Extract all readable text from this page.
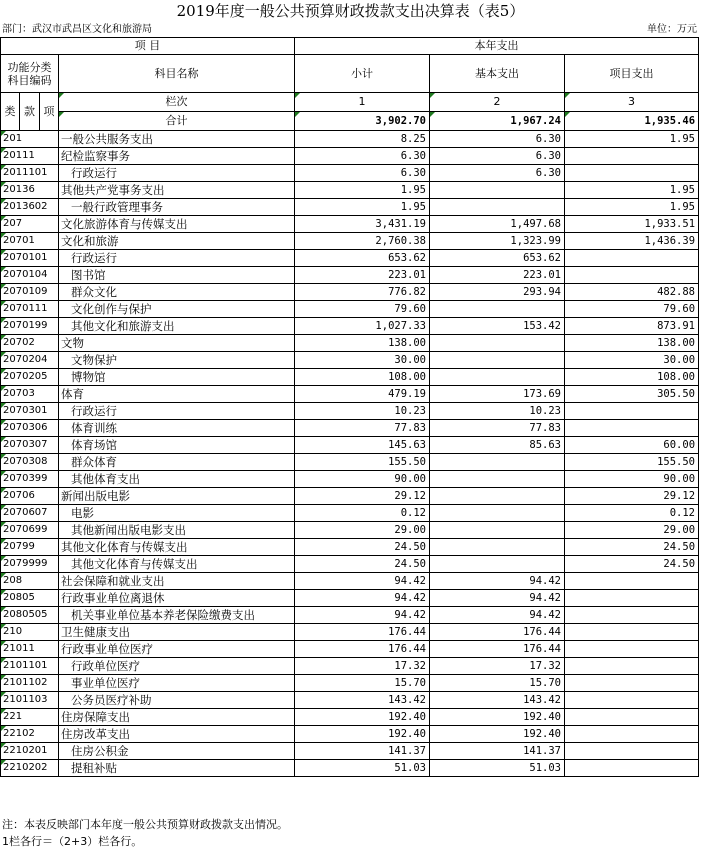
2019年度一般公共预算财政拨款支出决算表（表5）
部门：武汉市武昌区文化和旅游局	单位：万元
项 目				本年支出		
功能分类
科目编码			科目名称	小计	基本支出	项目支出
类	款	项				
			栏次	1	2	3
			合计	3,902.70	1,967.24	1,935.46
201			一般公共服务支出	8.25	6.30	1.95
20111			纪检监察事务	6.30	6.30	
2011101			行政运行	6.30	6.30	
20136			其他共产党事务支出	1.95		1.95
2013602			一般行政管理事务	1.95		1.95
207			文化旅游体育与传媒支出	3,431.19	1,497.68	1,933.51
20701			文化和旅游	2,760.38	1,323.99	1,436.39
2070101			行政运行	653.62	653.62	
2070104			图书馆	223.01	223.01	
2070109			群众文化	776.82	293.94	482.88
2070111			文化创作与保护	79.60		79.60
2070199			其他文化和旅游支出	1,027.33	153.42	873.91
20702			文物	138.00		138.00
2070204			文物保护	30.00		30.00
2070205			博物馆	108.00		108.00
20703			体育	479.19	173.69	305.50
2070301			行政运行	10.23	10.23	
2070306			体育训练	77.83	77.83	
2070307			体育场馆	145.63	85.63	60.00
2070308			群众体育	155.50		155.50
2070399			其他体育支出	90.00		90.00
20706			新闻出版电影	29.12		29.12
2070607			电影	0.12		0.12
2070699			其他新闻出版电影支出	29.00		29.00
20799			其他文化体育与传媒支出	24.50		24.50
2079999			其他文化体育与传媒支出	24.50		24.50
208			社会保障和就业支出	94.42	94.42	
20805			行政事业单位离退休	94.42	94.42	
2080505			机关事业单位基本养老保险缴费支出	94.42	94.42	
210			卫生健康支出	176.44	176.44	
21011			行政事业单位医疗	176.44	176.44	
2101101			行政单位医疗	17.32	17.32	
2101102			事业单位医疗	15.70	15.70	
2101103			公务员医疗补助	143.42	143.42	
221			住房保障支出	192.40	192.40	
22102			住房改革支出	192.40	192.40	
2210201			住房公积金	141.37	141.37	
2210202			提租补贴	51.03	51.03	
注：本表反映部门本年度一般公共预算财政拨款支出情况。
1栏各行＝（2+3）栏各行。
